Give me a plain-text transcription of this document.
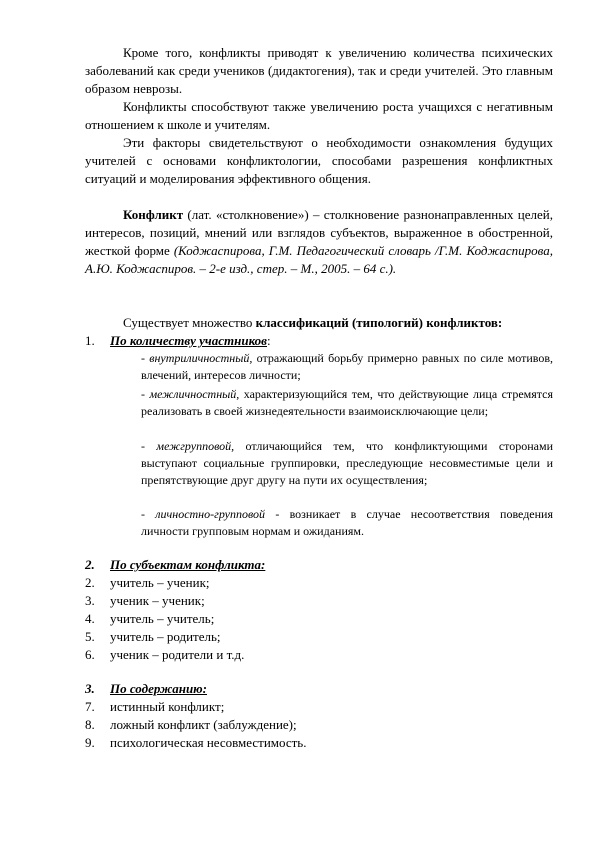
Кроме того, конфликты приводят к увеличению количества психических заболеваний как среди учеников (дидактогения), так и среди учителей. Это главным образом неврозы.

Конфликты способствуют также увеличению роста учащихся с негативным отношением к школе и учителям.

Эти факторы свидетельствуют о необходимости ознакомления будущих учителей с основами конфликтологии, способами разрешения конфликтных ситуаций и моделирования эффективного общения.

Конфликт (лат. «столкновение») – столкновение разнонаправленных целей, интересов, позиций, мнений или взглядов субъектов, выраженное в обостренной, жесткой форме (Коджаспирова, Г.М. Педагогический словарь /Г.М. Коджаспирова, А.Ю. Коджаспиров. – 2-е изд., стер. – М., 2005. – 64 с.).

Существует множество классификаций (типологий) конфликтов:

1. По количеству участников:

- внутриличностный, отражающий борьбу примерно равных по силе мотивов, влечений, интересов личности;

- межличностный, характеризующийся тем, что действующие лица стремятся реализовать в своей жизнедеятельности взаимоисключающие цели;

- межгрупповой, отличающийся тем, что конфликтующими сторонами выступают социальные группировки, преследующие несовместимые цели и препятствующие друг другу на пути их осуществления;

- личностно-групповой - возникает в случае несоответствия поведения личности групповым нормам и ожиданиям.

2. По субъектам конфликта:

2. учитель – ученик;

3. ученик – ученик;

4. учитель – учитель;

5. учитель – родитель;

6. ученик – родители и т.д.

3. По содержанию:

7. истинный конфликт;

8. ложный конфликт (заблуждение);

9. психологическая несовместимость.
